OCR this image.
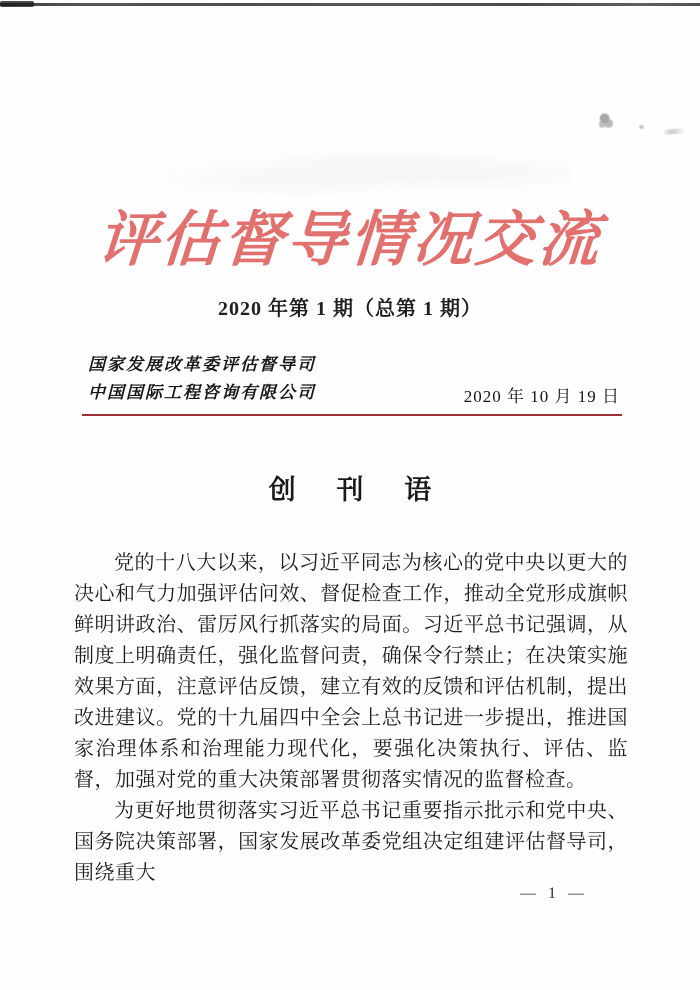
评估督导情况交流
2020 年第 1 期（总第 1 期）
国家发展改革委评估督导司
中国国际工程咨询有限公司	2020 年 10 月 19 日
创 刊 语

党的十八大以来，以习近平同志为核心的党中央以更大的决心和气力加强评估问效、督促检查工作，推动全党形成旗帜鲜明讲政治、雷厉风行抓落实的局面。习近平总书记强调，从制度上明确责任，强化监督问责，确保令行禁止；在决策实施效果方面，注意评估反馈，建立有效的反馈和评估机制，提出改进建议。党的十九届四中全会上总书记进一步提出，推进国家治理体系和治理能力现代化，要强化决策执行、评估、监督，加强对党的重大决策部署贯彻落实情况的监督检查。

为更好地贯彻落实习近平总书记重要指示批示和党中央、国务院决策部署，国家发展改革委党组决定组建评估督导司，围绕重大

— 1 —
